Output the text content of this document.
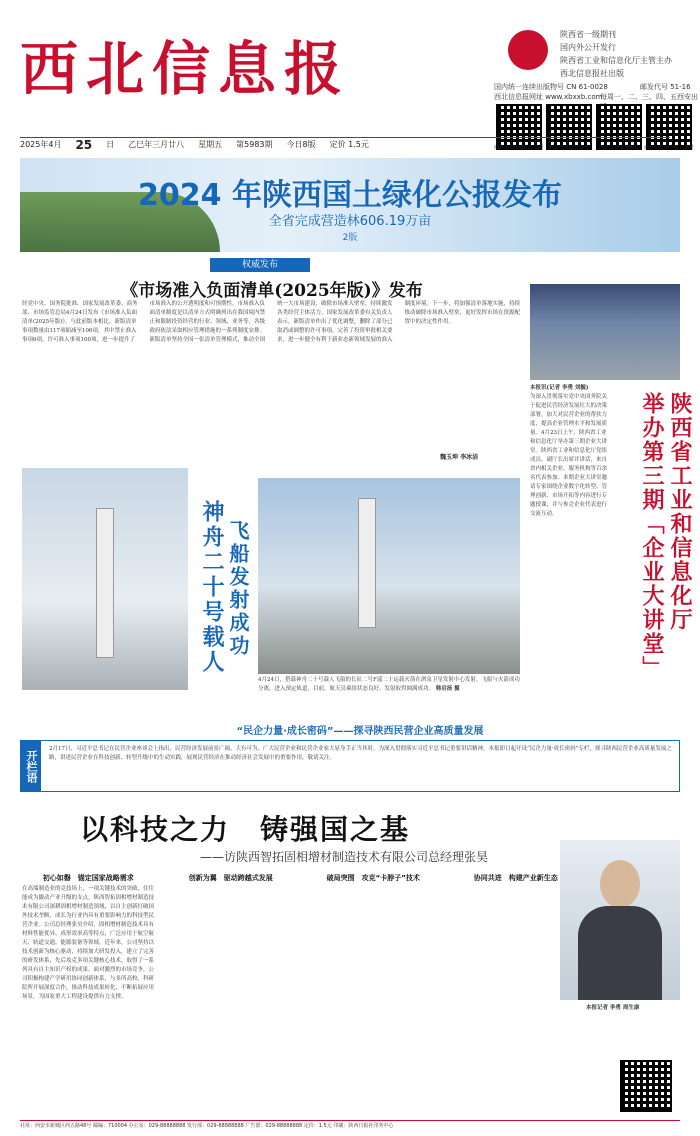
西北信息报
陕西省一级期刊
国内外公开发行
陕西省工业和信息化厅主管主办
西北信息报社出版
国内统一连续出版物号 CN 61-0028	邮发代号 51-16
西北信息报网址 www.xbxxb.com
每周一、二、三、四、五西安出
西北信息报微信公众号 西北信息报抖音号	西北信息报视频号 西北信息报今日头条号
2025年4月 25 日 乙巳年三月廿八 星期五 第5983期 今日8版 定价 1.5元
2024 年陕西国土绿化公报发布
全省完成营造林606.19万亩
2版
权威发布
《市场准入负面清单(2025年版)》发布
经党中央、国务院批准，国家发展改革委、商务部、市场监管总局4月24日发布《市场准入负面清单(2025年版)》。与此前版本相比，新版清单事项数量由117项缩减至106项，其中禁止准入事项6项，许可准入事项100项，进一步提升了市场准入的公开透明度和可预期性。市场准入负面清单制度是以清单方式明确列出在我国境内禁止和限制投资经营的行业、领域、业务等，各级政府依法采取相应管理措施的一系列制度安排。新版清单坚持全国一张清单管理模式，推动全国统一大市场建设，破除市场准入壁垒，持续激发各类经营主体活力。国家发展改革委有关负责人表示，新版清单作出了优化调整，删除了部分已取消或调整的许可事项，完善了投资审批相关要求，进一步健全有利于新业态新领域发展的准入制度环境。下一步，将加强清单落地实施，持续推动破除市场准入壁垒，更好发挥市场在资源配置中的决定性作用。
魏玉坤 李冰洁
本报讯(记者 李勇 刘毓)
为深入贯彻落实党中央国务院关于促进民营经济发展壮大的决策部署，加大对民营企业的帮扶力度，提高企业管理水平和发展质量。4月23日上午，陕西省工业和信息化厅举办第三期企业大讲堂。陕西省工业和信息化厅党组成员、副厅长出席并讲话，来自省内相关企业、服务机构等百余名代表参加。本期企业大讲堂邀请专家围绕企业数字化转型、管理创新、市场开拓等内容进行专题授课，并与参会企业代表进行交流互动。	陕西省工业和信息化厅
举办第三期「企业大讲堂」
神舟二十号载人 飞船发射成功
4月24日，搭载神舟二十号载人飞船的长征二号F遥二十运载火箭在酒泉卫星发射中心发射。飞船与火箭成功分离，进入预定轨道，目前，航天员乘组状态良好，发射取得圆满成功。 韩启扬 摄
“民企力量·成长密码”——探寻陕西民营企业高质量发展
开栏语
2月17日，习近平总书记在民营企业座谈会上指出，民营经济发展前景广阔、大有可为，广大民营企业和民营企业家大显身手正当其时。为深入贯彻落实习近平总书记重要讲话精神，本报即日起开设“民企力量·成长密码”专栏，探寻陕西民营企业高质量发展之路，讲述民营企业在科技创新、转型升级中的生动实践，展现民营经济在推动经济社会发展中的重要作用，敬请关注。
以科技之力　铸强国之基
——访陕西智拓固相增材制造技术有限公司总经理张昊
初心如磐　锚定国家战略需求
在高端制造业的竞技场上，一项关键技术的突破，往往能成为撬动产业升级的支点。陕西智拓固相增材制造技术有限公司深耕固相增材制造领域，以自主创新打破国外技术垄断，成长为行业内具有重要影响力的科技型民营企业。公司总经理张昊介绍，固相增材制造技术具有材料性能优异、成形效率高等特点，广泛应用于航空航天、轨道交通、能源装备等领域。近年来，公司坚持以技术创新为核心驱动，持续加大研发投入，建立了完善的研发体系，先后攻克多项关键核心技术，取得了一系列具有自主知识产权的成果。面对激烈的市场竞争，公司积极构建产学研用协同创新体系，与多所高校、科研院所开展深度合作，推动科技成果转化，不断拓展应用场景，为国家重大工程建设提供有力支撑。
创新为翼　驱动跨越式发展	破局突围　攻克“卡脖子”技术	协同共进　构建产业新生态
本报记者 李勇 周生康
社址：西安市新城区西五路48号 邮编：710004 办公室：029-88888888 发行部：029-88888888 广告部：029-88888888 定价：1.5元 印刷：陕西日报社印务中心
